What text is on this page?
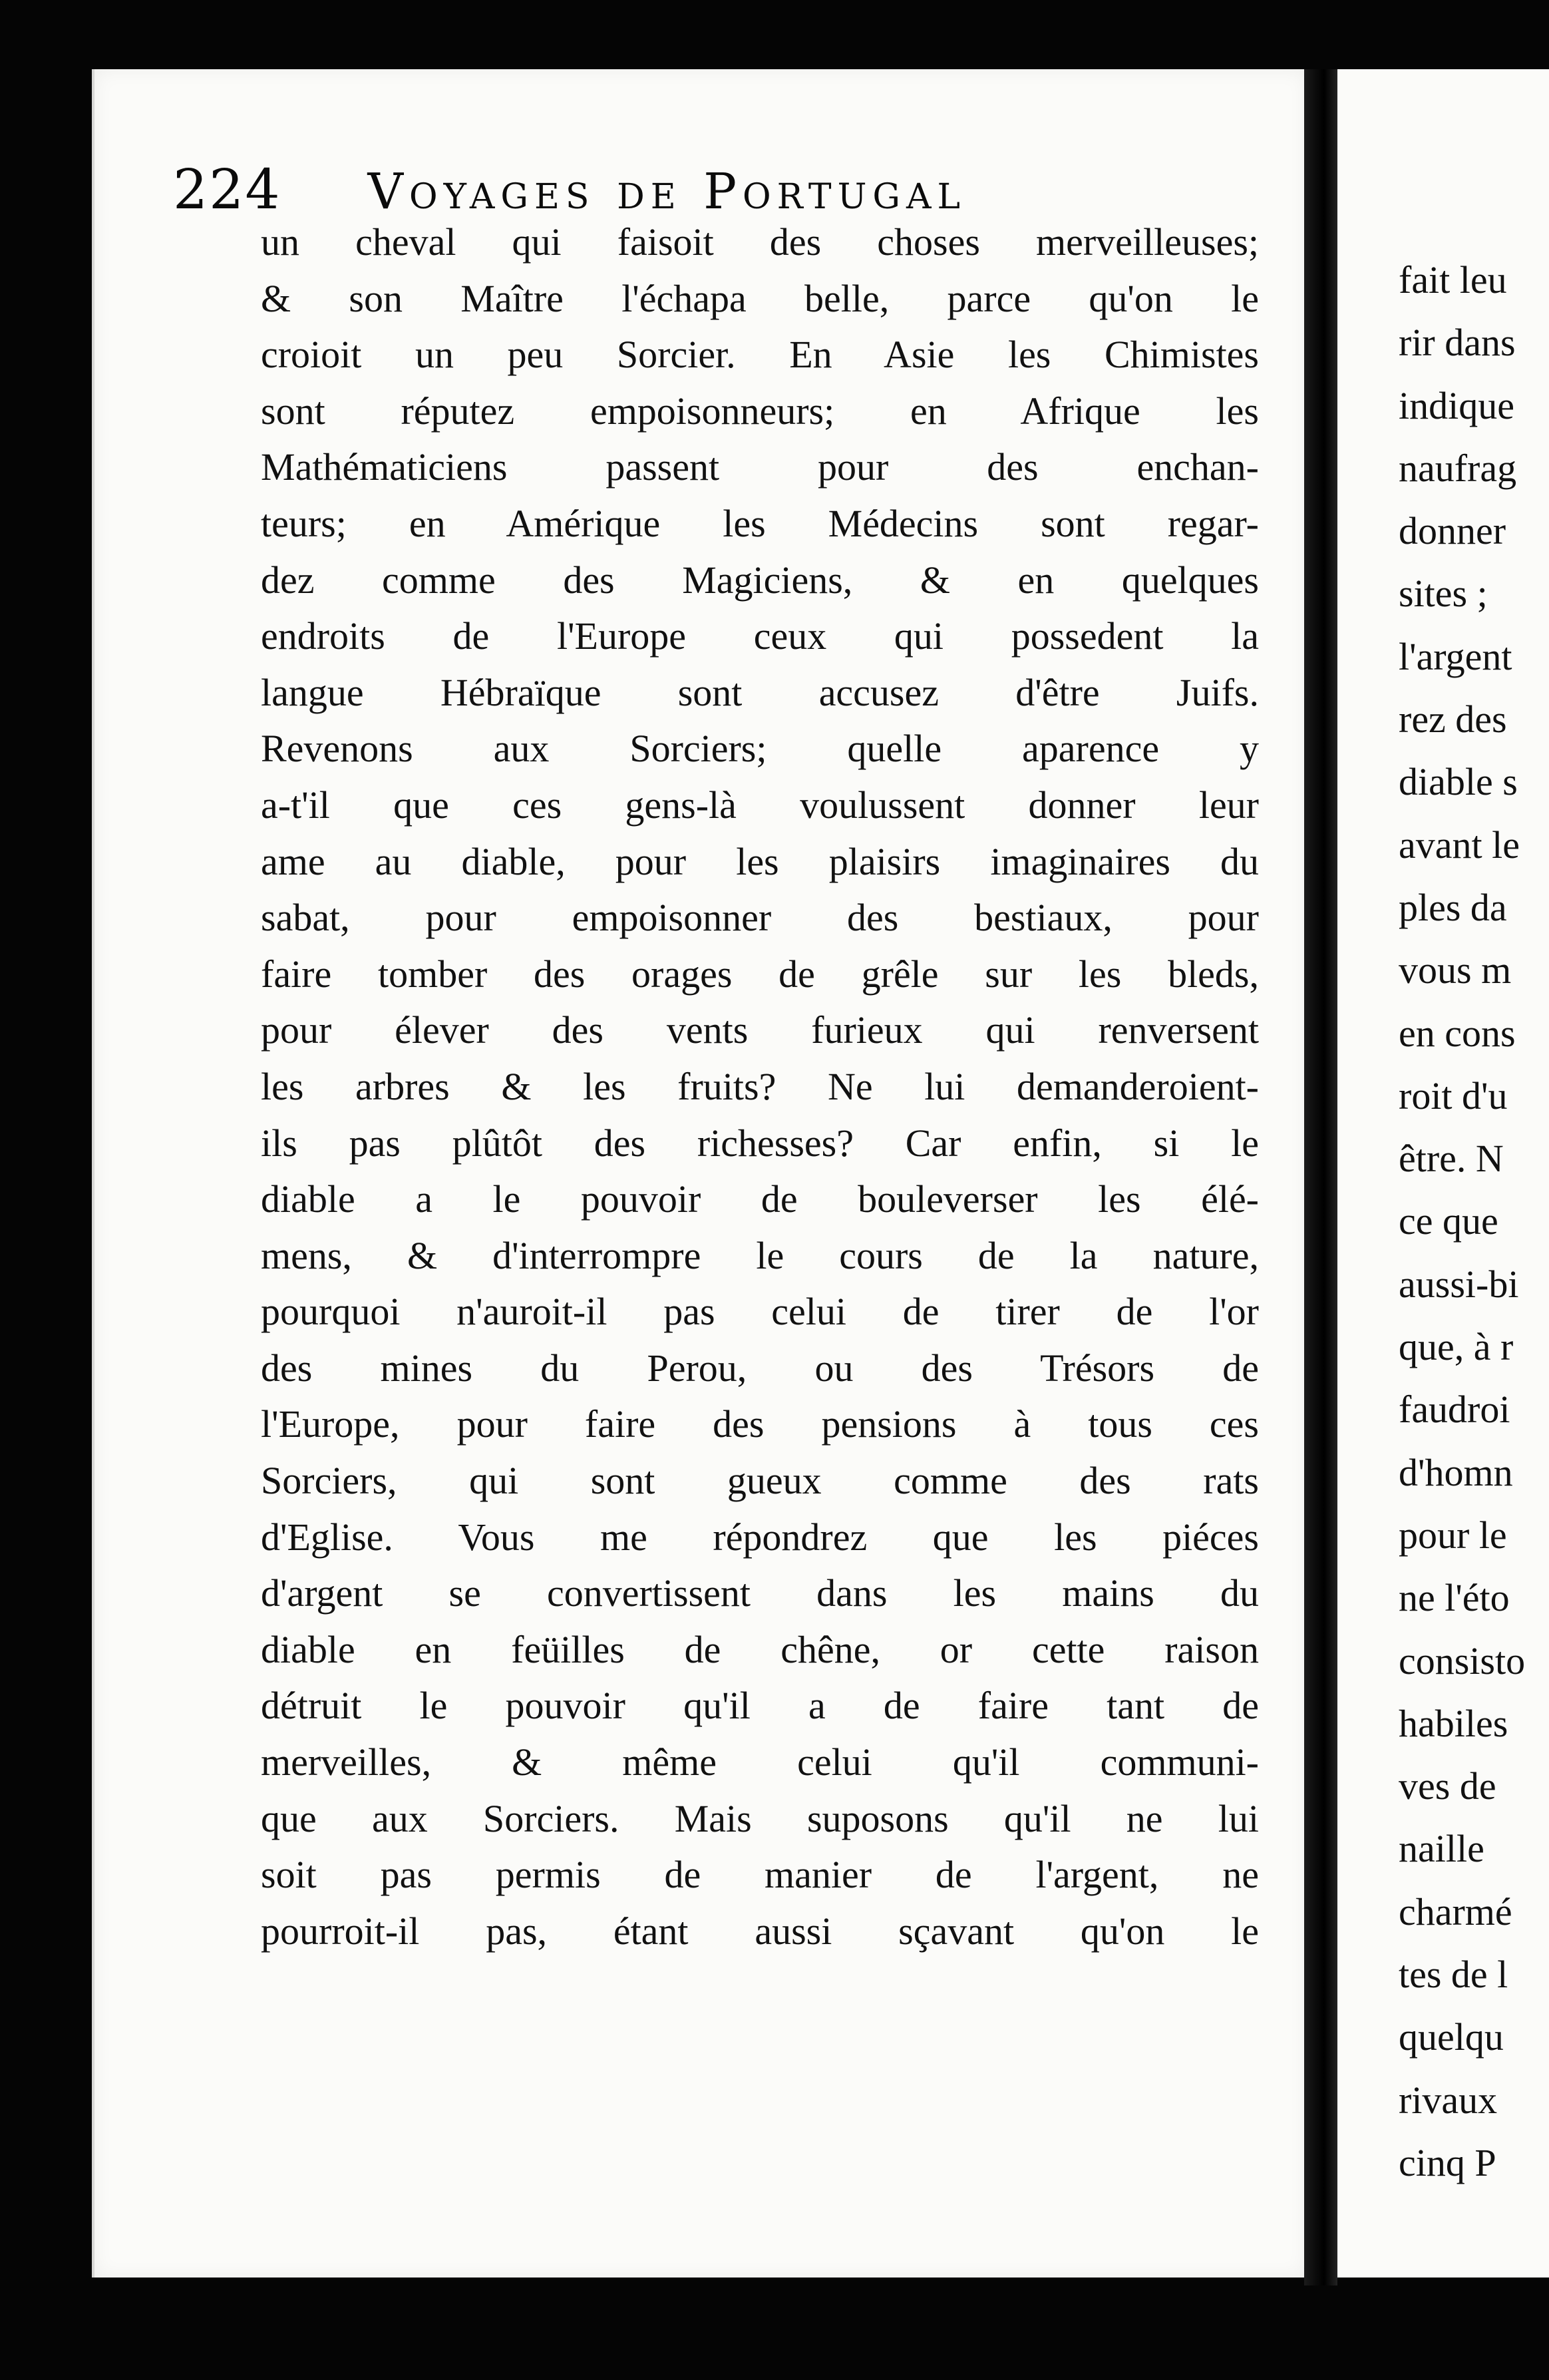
fait leu
rir dans
indique
naufrag
donner
sites ;
l'argent
rez des
diable s
avant le
ples da
vous m
en cons
roit d'u
être. N
ce que
aussi-bi
que, à r
faudroi
d'homn
pour le
ne l'éto
consisto
habiles
ves de
naille
charmé
tes de l
quelqu
rivaux
cinq P
224 Voyages de Portugal
un cheval qui faisoit des choses merveilleuses;
& son Maître l'échapa belle, parce qu'on le
croioit un peu Sorcier. En Asie les Chimistes
sont réputez empoisonneurs; en Afrique les
Mathématiciens passent pour des enchan-
teurs; en Amérique les Médecins sont regar-
dez comme des Magiciens, & en quelques
endroits de l'Europe ceux qui possedent la
langue Hébraïque sont accusez d'être Juifs.
Revenons aux Sorciers; quelle aparence y
a-t'il que ces gens-là voulussent donner leur
ame au diable, pour les plaisirs imaginaires du
sabat, pour empoisonner des bestiaux, pour
faire tomber des orages de grêle sur les bleds,
pour élever des vents furieux qui renversent
les arbres & les fruits? Ne lui demanderoient-
ils pas plûtôt des richesses? Car enfin, si le
diable a le pouvoir de bouleverser les élé-
mens, & d'interrompre le cours de la nature,
pourquoi n'auroit-il pas celui de tirer de l'or
des mines du Perou, ou des Trésors de
l'Europe, pour faire des pensions à tous ces
Sorciers, qui sont gueux comme des rats
d'Eglise. Vous me répondrez que les piéces
d'argent se convertissent dans les mains du
diable en feüilles de chêne, or cette raison
détruit le pouvoir qu'il a de faire tant de
merveilles, & même celui qu'il communi-
que aux Sorciers. Mais suposons qu'il ne lui
soit pas permis de manier de l'argent, ne
pourroit-il pas, étant aussi sçavant qu'on le
